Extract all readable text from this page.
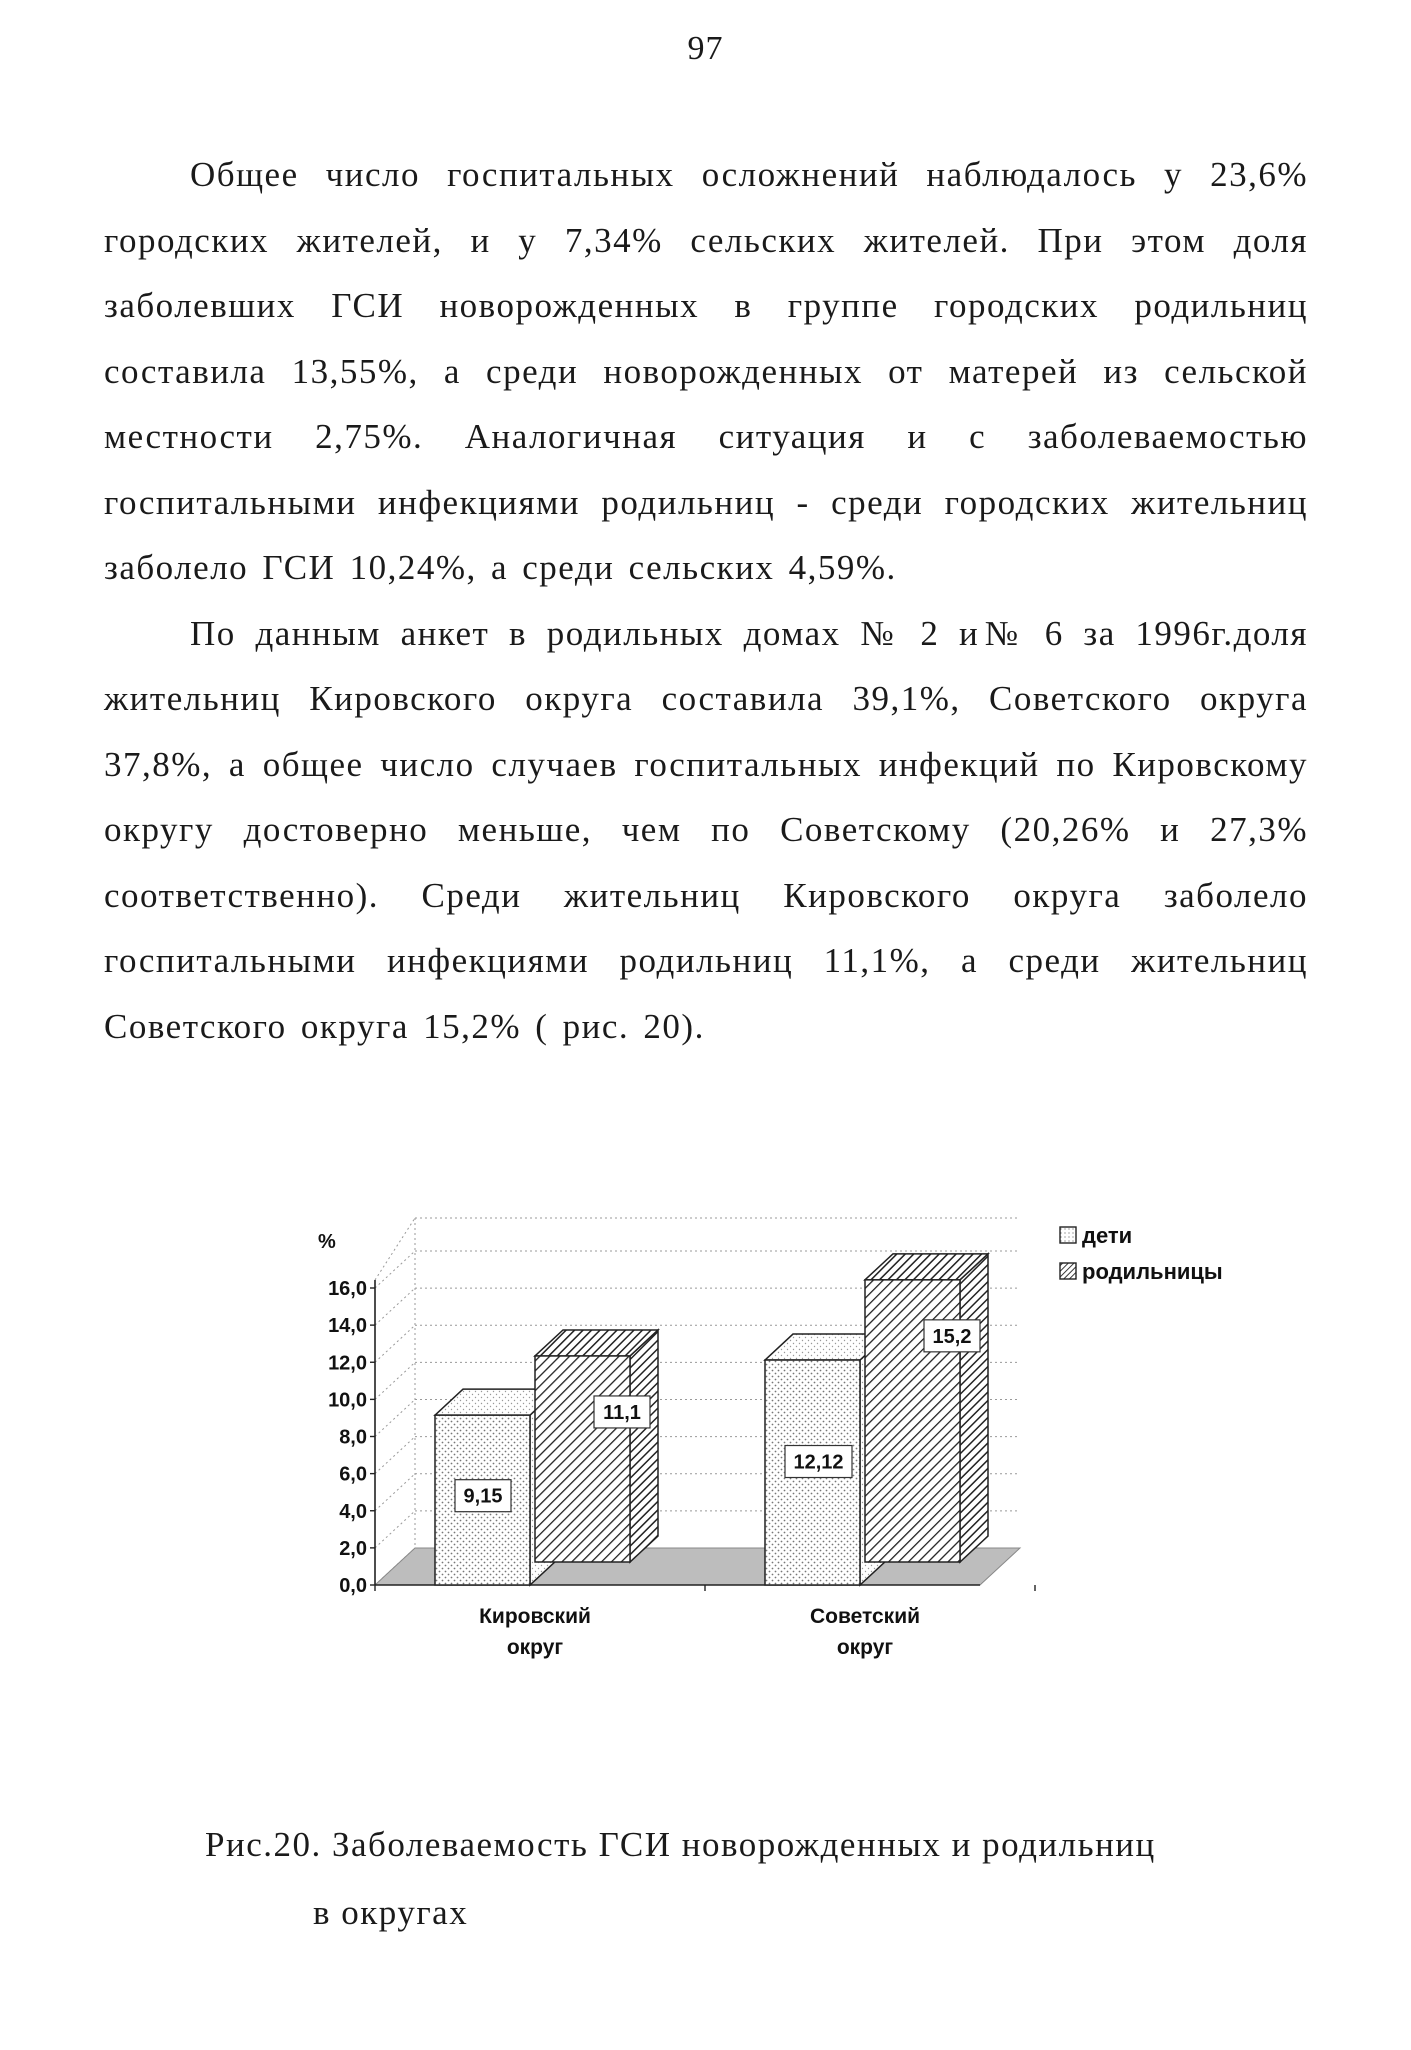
97

Общее число госпитальных осложнений наблюдалось у 23,6% городских жителей, и у 7,34% сельских жителей. При этом доля заболевших ГСИ новорожденных в группе городских родильниц составила 13,55%, а среди новорожденных от матерей из сельской местности 2,75%. Аналогичная ситуация и с заболеваемостью госпитальными инфекциями родильниц - среди городских жительниц заболело ГСИ 10,24%, а среди сельских 4,59%.

По данным анкет в родильных домах № 2 и№ 6 за 1996г.доля жительниц Кировского округа составила 39,1%, Советского округа 37,8%, а общее число случаев госпитальных инфекций по Кировскому округу достоверно меньше, чем по Советскому (20,26% и 27,3% соответственно). Среди жительниц Кировского округа заболело госпитальными инфекциями родильниц 11,1%, а среди жительниц Советского округа 15,2% ( рис. 20).

16,0
14,0
12,0
10,0
8,0
6,0
4,0
2,0
0,0
%
9,15
11,1
Кировский
округ
12,12
15,2
Советский
округ
дети
родильницы
Рис.20. Заболеваемость ГСИ новорожденных и родильниц
в округах
